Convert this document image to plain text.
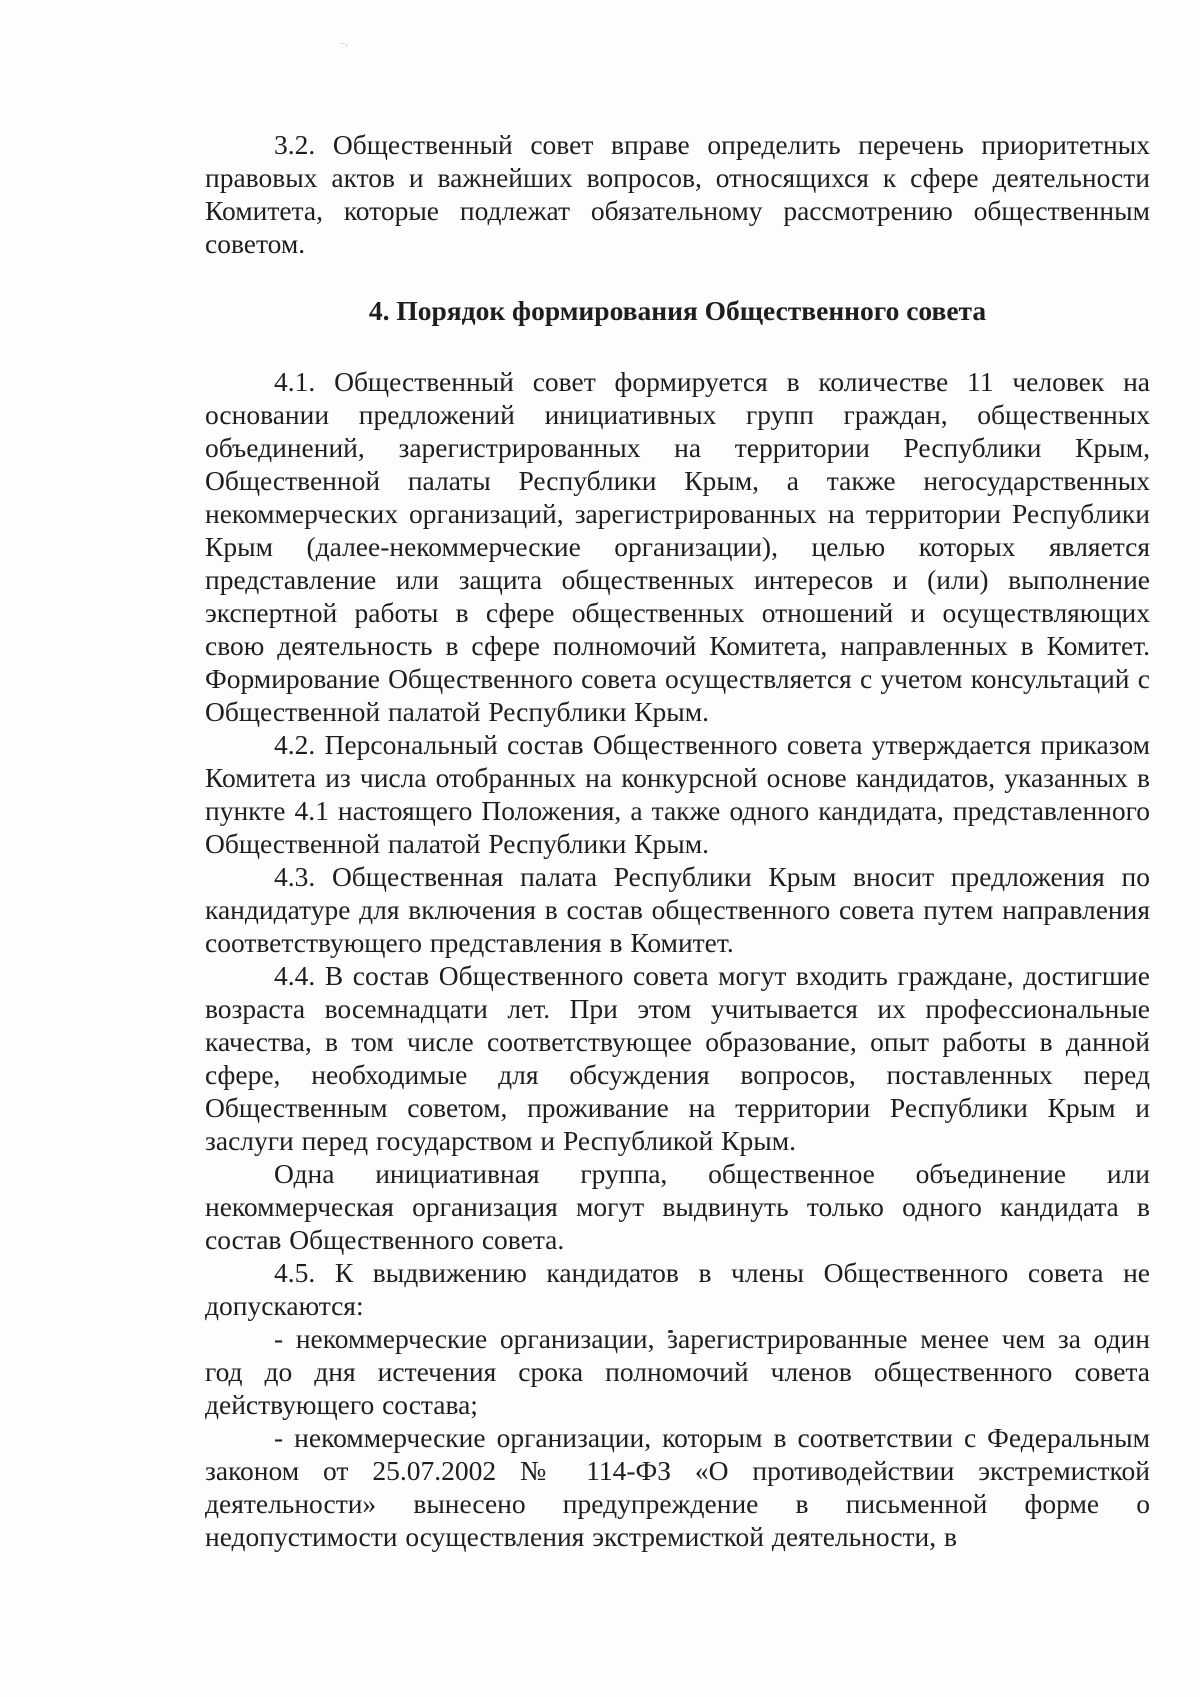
⁻˒

3.2. Общественный совет вправе определить перечень приоритетных правовых актов и важнейших вопросов, относящихся к сфере деятельности Комитета, которые подлежат обязательному рассмотрению общественным советом.

4. Порядок формирования Общественного совета

4.1. Общественный совет формируется в количестве 11 человек на основании предложений инициативных групп граждан, общественных объединений, зарегистрированных на территории Республики Крым, Общественной палаты Республики Крым, а также негосударственных некоммерческих организаций, зарегистрированных на территории Республики Крым (далее-некоммерческие организации), целью которых является представление или защита общественных интересов и (или) выполнение экспертной работы в сфере общественных отношений и осуществляющих свою деятельность в сфере полномочий Комитета, направленных в Комитет. Формирование Общественного совета осуществляется с учетом консультаций с Общественной палатой Республики Крым.

4.2. Персональный состав Общественного совета утверждается приказом Комитета из числа отобранных на конкурсной основе кандидатов, указанных в пункте 4.1 настоящего Положения, а также одного кандидата, представленного Общественной палатой Республики Крым.

4.3. Общественная палата Республики Крым вносит предложения по кандидатуре для включения в состав общественного совета путем направления соответствующего представления в Комитет.

4.4. В состав Общественного совета могут входить граждане, достигшие возраста восемнадцати лет. При этом учитывается их профессиональные качества, в том числе соответствующее образование, опыт работы в данной сфере, необходимые для обсуждения вопросов, поставленных перед Общественным советом, проживание на территории Республики Крым и заслуги перед государством и Республикой Крым.

Одна инициативная группа, общественное объединение или некоммерческая организация могут выдвинуть только одного кандидата в состав Общественного совета.

4.5. К выдвижению кандидатов в члены Общественного совета не допускаются:

- некоммерческие организации, зарегистрированные менее чем за один год до дня истечения срока полномочий членов общественного совета действующего состава;

- некоммерческие организации, которым в соответствии с Федеральным законом от 25.07.2002 № 114-ФЗ «О противодействии экстремисткой деятельности» вынесено предупреждение в письменной форме о недопустимости осуществления экстремисткой деятельности, в
